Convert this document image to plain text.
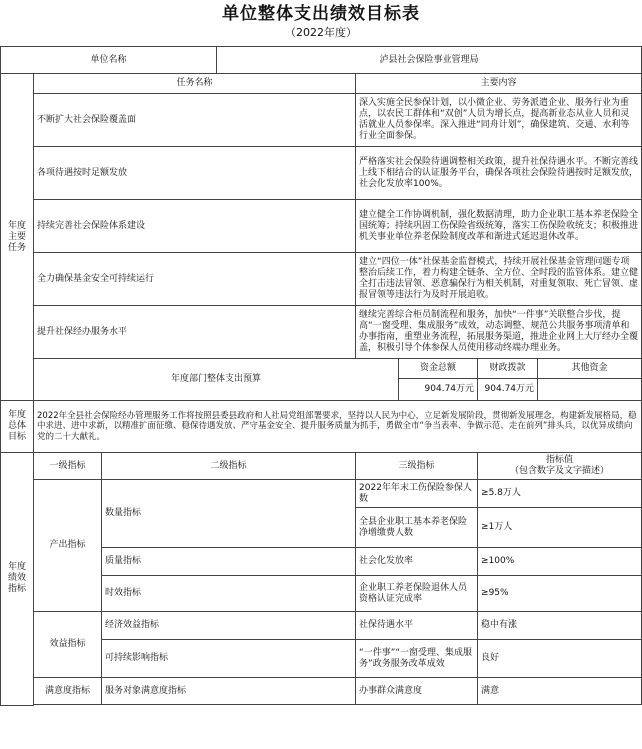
单位整体支出绩效目标表
（2022年度）
单位名称			泸县社会保险事业管理局				
年度主要任务	任务名称			主要内容			
	不断扩大社会保险覆盖面			深入实施全民参保计划，以小微企业、劳务派遣企业、服务行业为重点，以农民工群体和“双创”人员为增长点，提高新业态从业人员和灵活就业人员参保率。深入推进“同舟计划”，确保建筑、交通、水利等行业全面参保。			
	各项待遇按时足额发放			严格落实社会保险待遇调整相关政策，提升社保待遇水平。不断完善线上线下相结合的认证服务平台，确保各项社会保险待遇按时足额发放，社会化发放率100%。			
	持续完善社会保险体系建设			建立健全工作协调机制，强化数据清理，助力企业职工基本养老保险全国统筹；持续巩固工伤保险省级统筹，落实工伤保险收统支；积极推进机关事业单位养老保险制度改革和渐进式延迟退休改革。			
	全力确保基金安全可持续运行			建立“四位一体”社保基金监督模式，持续开展社保基金管理问题专项整治后续工作，着力构建全链条、全方位、全时段的监管体系。建立健全打击违法冒领、恶意骗保行为相关机制，对重复领取、死亡冒领、虚报冒领等违法行为及时开展追收。			
	提升社保经办服务水平			继续完善综合柜员制流程和服务，加快“一件事”关联整合步伐，提高“一窗受理、集成服务”成效，动态调整、规范公共服务事项清单和办事指南，重塑业务流程，拓展服务渠道，推进企业网上大厅经办全覆盖，积极引导个体参保人员使用移动终端办理业务。			
	年度部门整体支出预算				资金总额	财政拨款	其他资金
					904.74万元	904.74万元	
年度总体目标	2022年全县社会保险经办管理服务工作将按照县委县政府和人社局党组部署要求，坚持以人民为中心，立足新发展阶段，贯彻新发展理念，构建新发展格局，稳中求进、进中求新，以精准扩面征缴、稳保待遇发放、严守基金安全、提升服务质量为抓手，勇做全市“争当表率、争做示范、走在前列”排头兵，以优异成绩向党的二十大献礼。						
年度绩效指标	一级指标	二级指标		三级指标		指标值
（包含数字及文字描述）	
	产出指标	数量指标		2022年年末工伤保险参保人数		≥5.8万人	
				全县企业职工基本养老保险净增缴费人数		≥1万人	
		质量指标		社会化发放率		≥100%	
		时效指标		企业职工养老保险退休人员资格认证完成率		≥95%	
	效益指标	经济效益指标		社保待遇水平		稳中有涨	
		可持续影响指标		“一件事”“一窗受理、集成服务”政务服务改革成效		良好	
	满意度指标	服务对象满意度指标		办事群众满意度		满意	
